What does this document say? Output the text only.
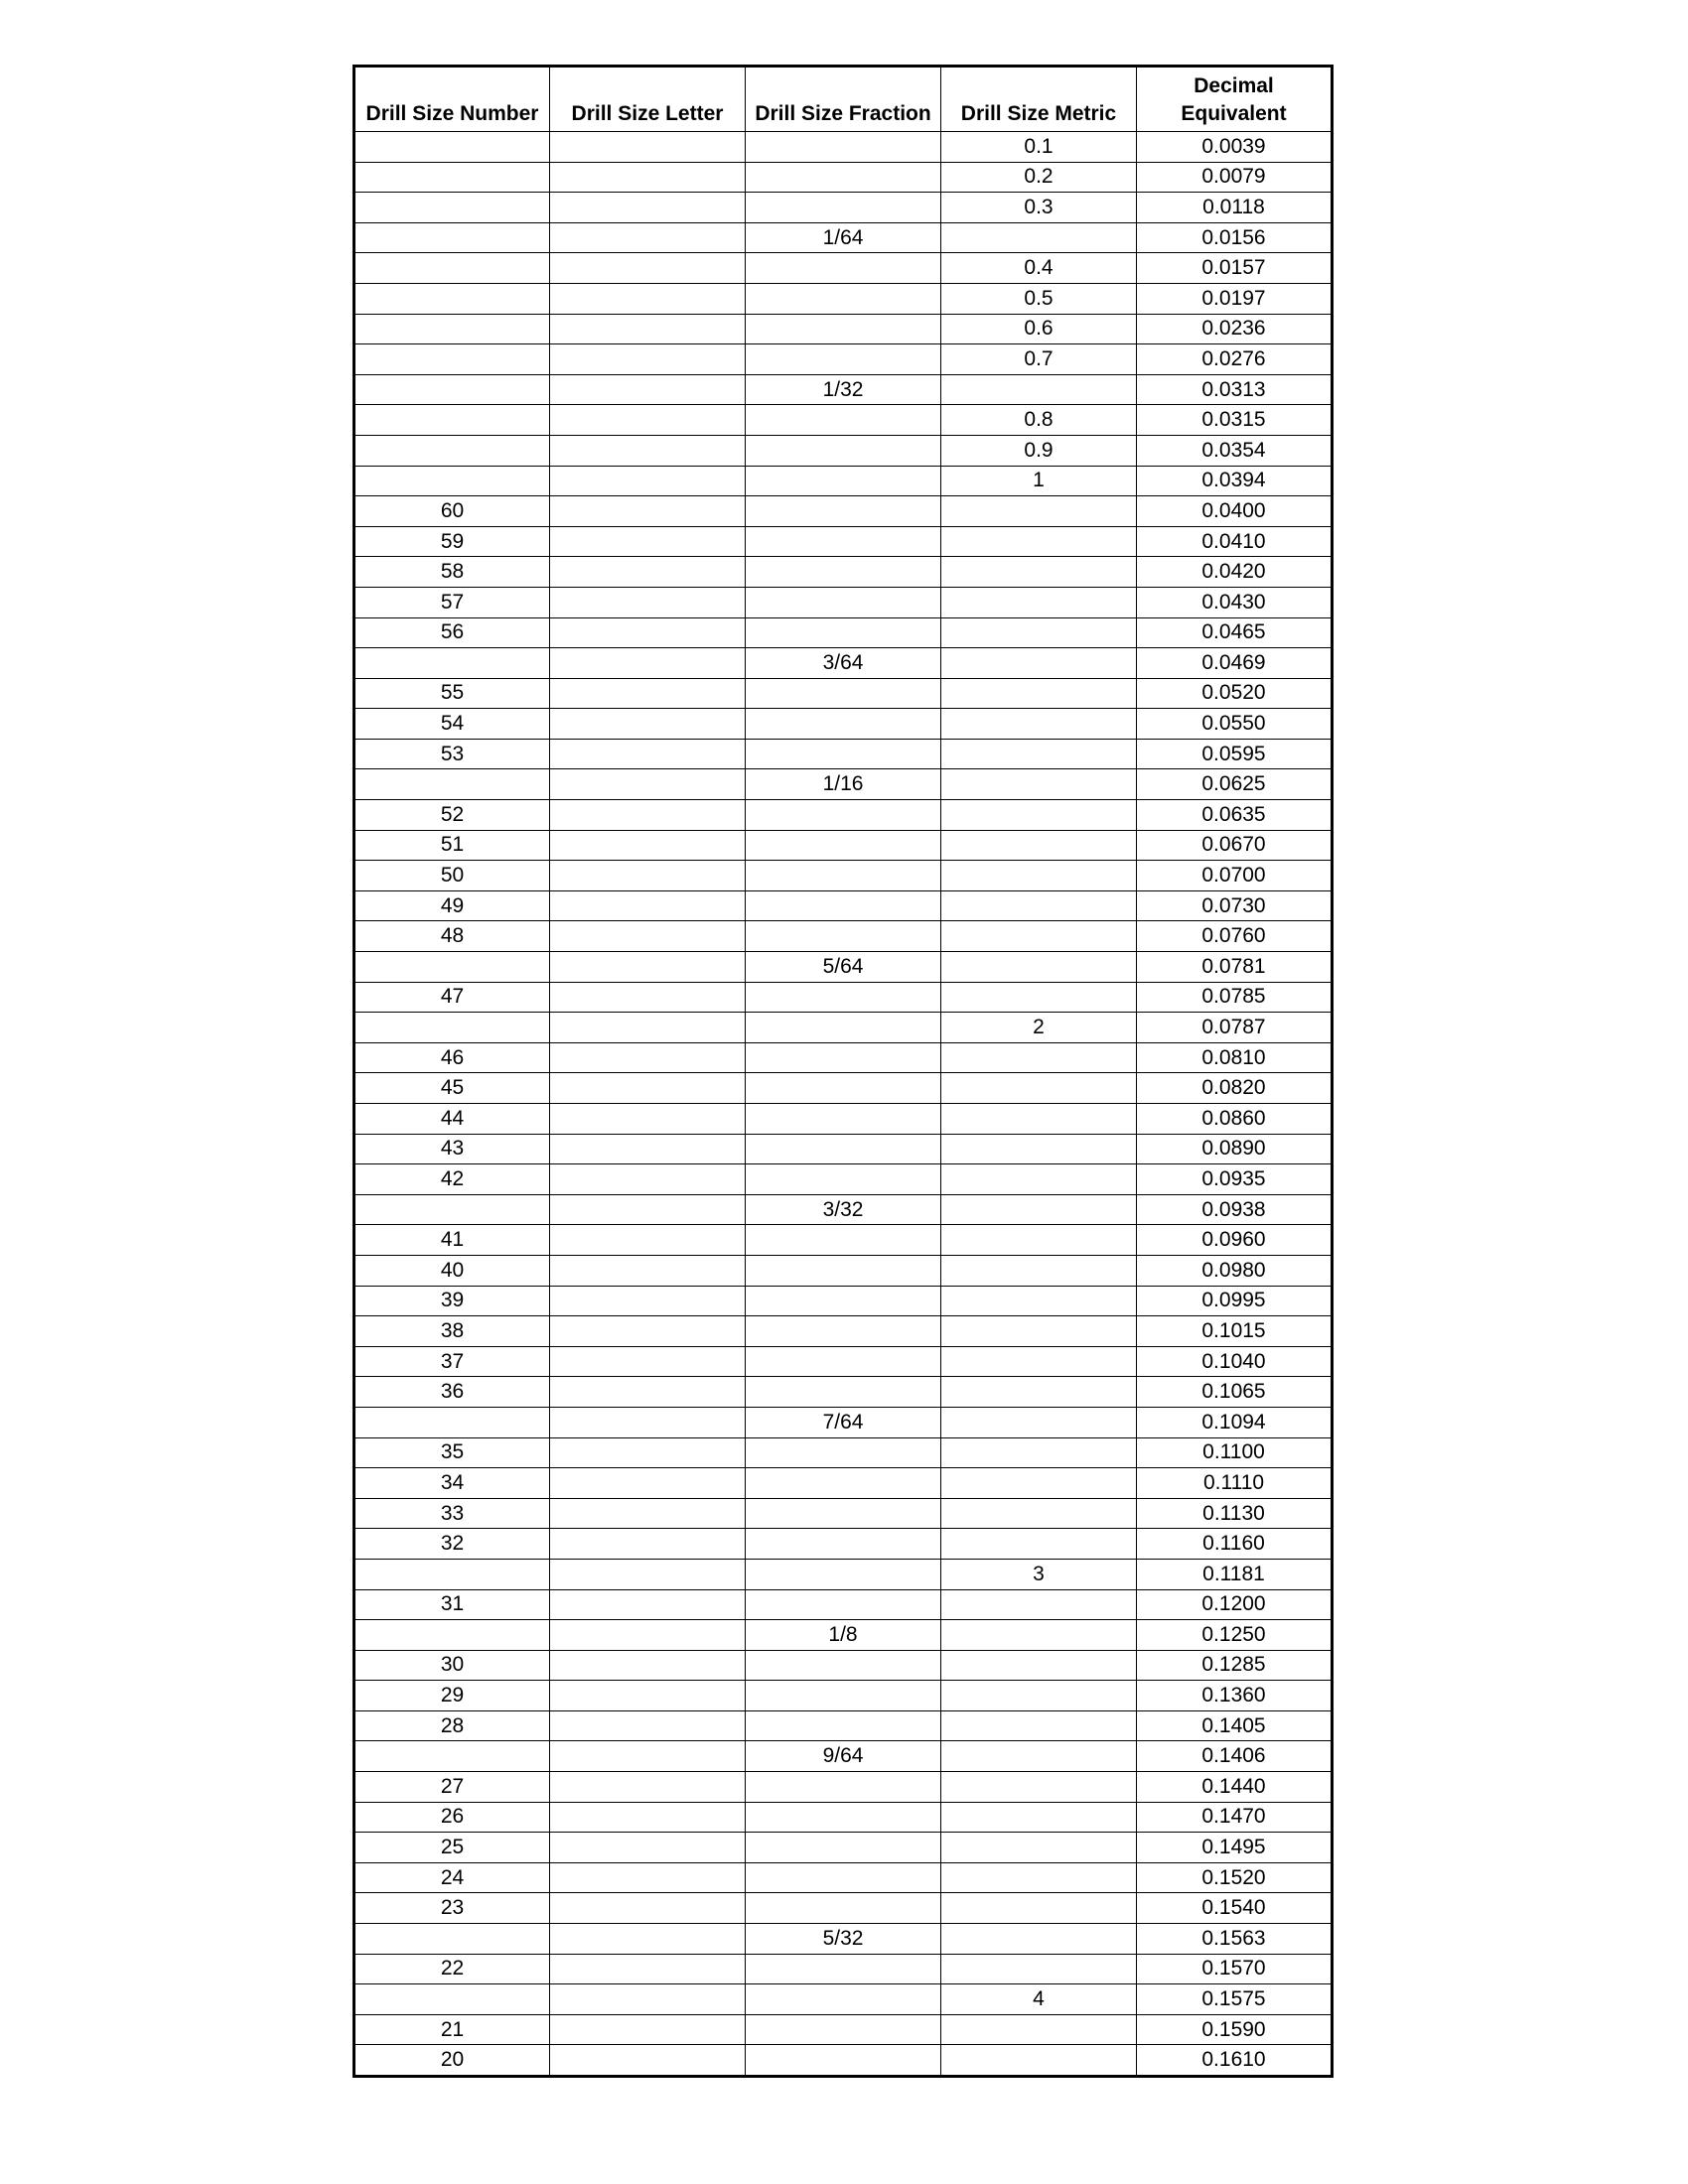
Drill Size Number	Drill Size Letter	Drill Size Fraction	Drill Size Metric	Decimal
Equivalent
			0.1	0.0039
			0.2	0.0079
			0.3	0.0118
		1/64		0.0156
			0.4	0.0157
			0.5	0.0197
			0.6	0.0236
			0.7	0.0276
		1/32		0.0313
			0.8	0.0315
			0.9	0.0354
			1	0.0394
60				0.0400
59				0.0410
58				0.0420
57				0.0430
56				0.0465
		3/64		0.0469
55				0.0520
54				0.0550
53				0.0595
		1/16		0.0625
52				0.0635
51				0.0670
50				0.0700
49				0.0730
48				0.0760
		5/64		0.0781
47				0.0785
			2	0.0787
46				0.0810
45				0.0820
44				0.0860
43				0.0890
42				0.0935
		3/32		0.0938
41				0.0960
40				0.0980
39				0.0995
38				0.1015
37				0.1040
36				0.1065
		7/64		0.1094
35				0.1100
34				0.1110
33				0.1130
32				0.1160
			3	0.1181
31				0.1200
		1/8		0.1250
30				0.1285
29				0.1360
28				0.1405
		9/64		0.1406
27				0.1440
26				0.1470
25				0.1495
24				0.1520
23				0.1540
		5/32		0.1563
22				0.1570
			4	0.1575
21				0.1590
20				0.1610
